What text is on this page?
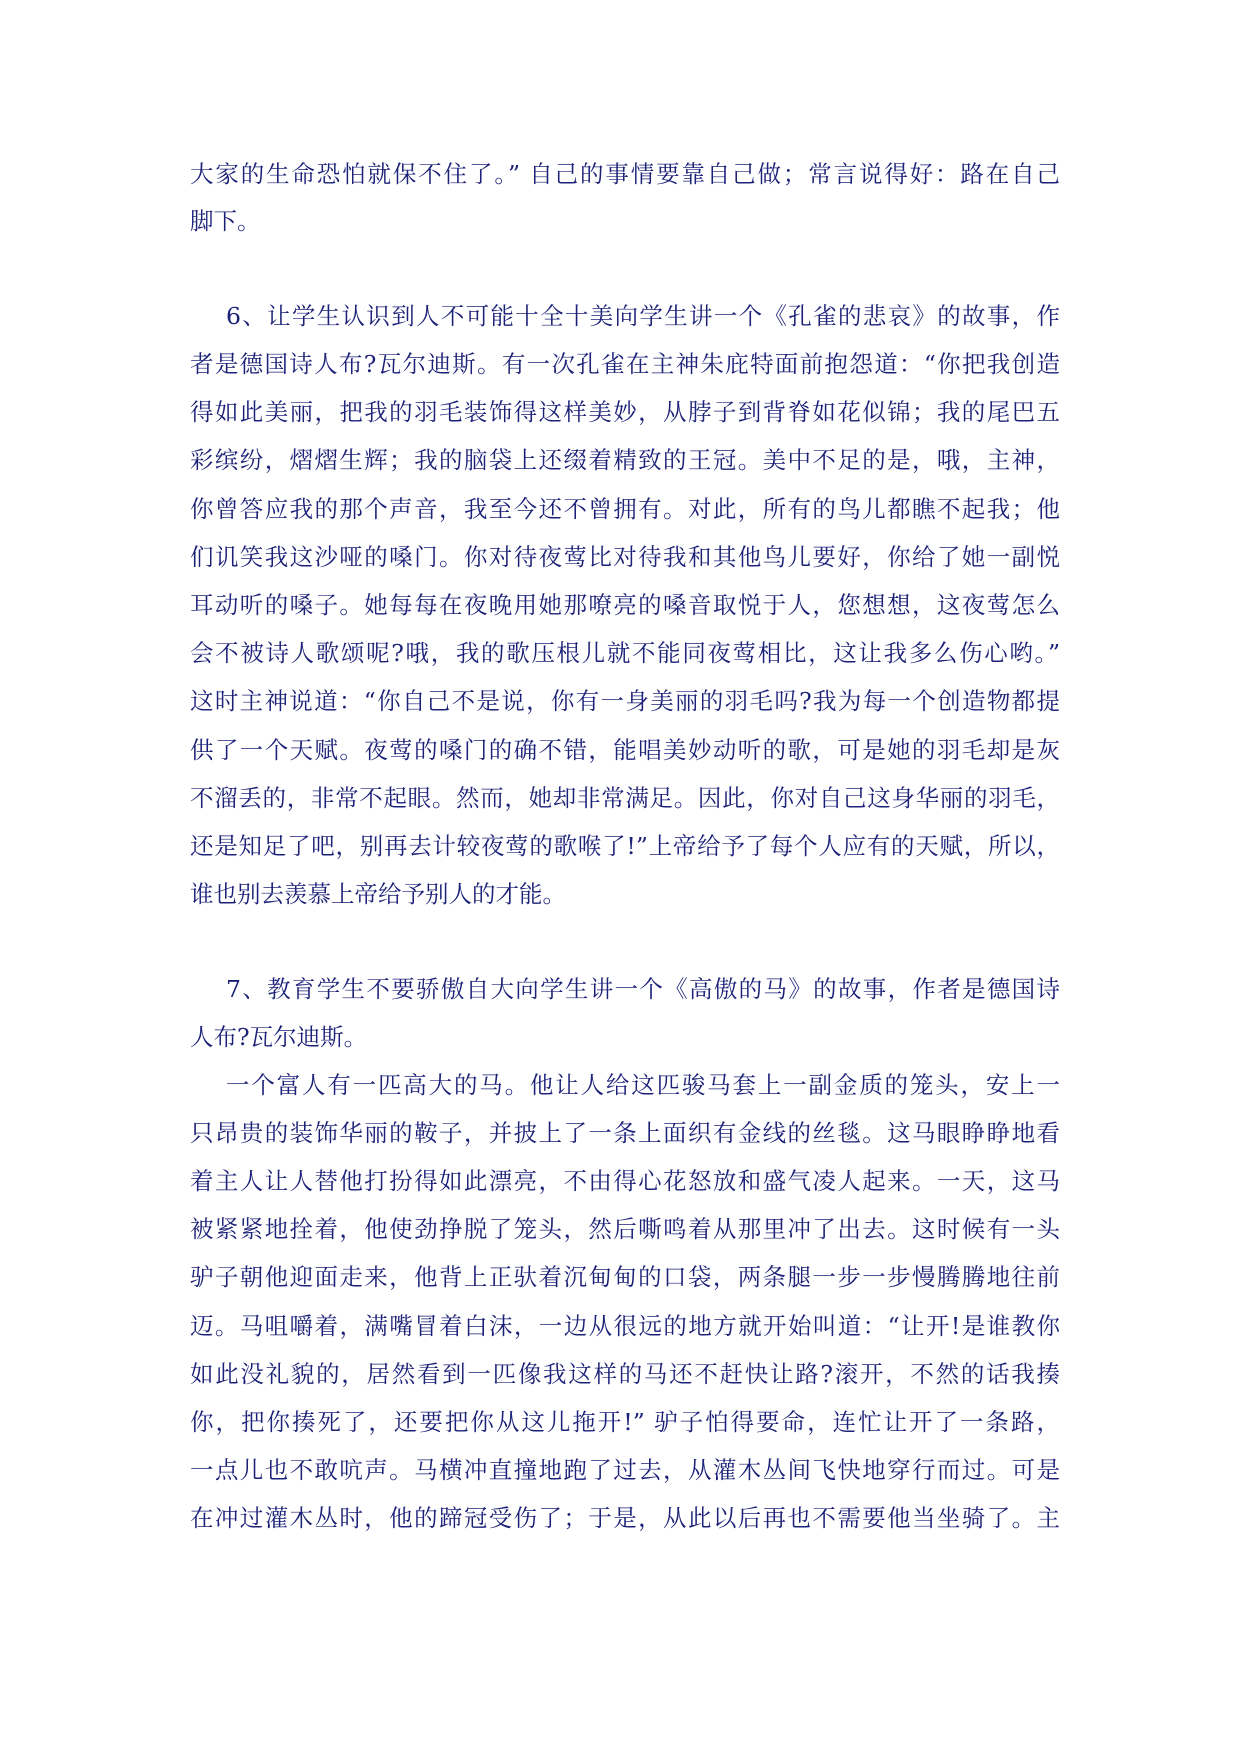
大家的生命恐怕就保不住了。” 自己的事情要靠自己做；常言说得好：路在自己
脚下。
6、让学生认识到人不可能十全十美向学生讲一个《孔雀的悲哀》的故事，作
者是德国诗人布?瓦尔迪斯。有一次孔雀在主神朱庇特面前抱怨道：“你把我创造
得如此美丽，把我的羽毛装饰得这样美妙，从脖子到背脊如花似锦；我的尾巴五
彩缤纷，熠熠生辉；我的脑袋上还缀着精致的王冠。美中不足的是，哦，主神，
你曾答应我的那个声音，我至今还不曾拥有。对此，所有的鸟儿都瞧不起我；他
们讥笑我这沙哑的嗓门。你对待夜莺比对待我和其他鸟儿要好，你给了她一副悦
耳动听的嗓子。她每每在夜晚用她那嘹亮的嗓音取悦于人，您想想，这夜莺怎么
会不被诗人歌颂呢?哦，我的歌压根儿就不能同夜莺相比，这让我多么伤心哟。”
这时主神说道：“你自己不是说，你有一身美丽的羽毛吗?我为每一个创造物都提
供了一个天赋。夜莺的嗓门的确不错，能唱美妙动听的歌，可是她的羽毛却是灰
不溜丢的，非常不起眼。然而，她却非常满足。因此，你对自己这身华丽的羽毛，
还是知足了吧，别再去计较夜莺的歌喉了!”上帝给予了每个人应有的天赋，所以，
谁也别去羡慕上帝给予别人的才能。
7、教育学生不要骄傲自大向学生讲一个《高傲的马》的故事，作者是德国诗
人布?瓦尔迪斯。
一个富人有一匹高大的马。他让人给这匹骏马套上一副金质的笼头，安上一
只昂贵的装饰华丽的鞍子，并披上了一条上面织有金线的丝毯。这马眼睁睁地看
着主人让人替他打扮得如此漂亮，不由得心花怒放和盛气凌人起来。一天，这马
被紧紧地拴着，他使劲挣脱了笼头，然后嘶鸣着从那里冲了出去。这时候有一头
驴子朝他迎面走来，他背上正驮着沉甸甸的口袋，两条腿一步一步慢腾腾地往前
迈。马咀嚼着，满嘴冒着白沫，一边从很远的地方就开始叫道：“让开!是谁教你
如此没礼貌的，居然看到一匹像我这样的马还不赶快让路?滚开，不然的话我揍
你，把你揍死了，还要把你从这儿拖开!” 驴子怕得要命，连忙让开了一条路，
一点儿也不敢吭声。马横冲直撞地跑了过去，从灌木丛间飞快地穿行而过。可是
在冲过灌木丛时，他的蹄冠受伤了；于是，从此以后再也不需要他当坐骑了。主
